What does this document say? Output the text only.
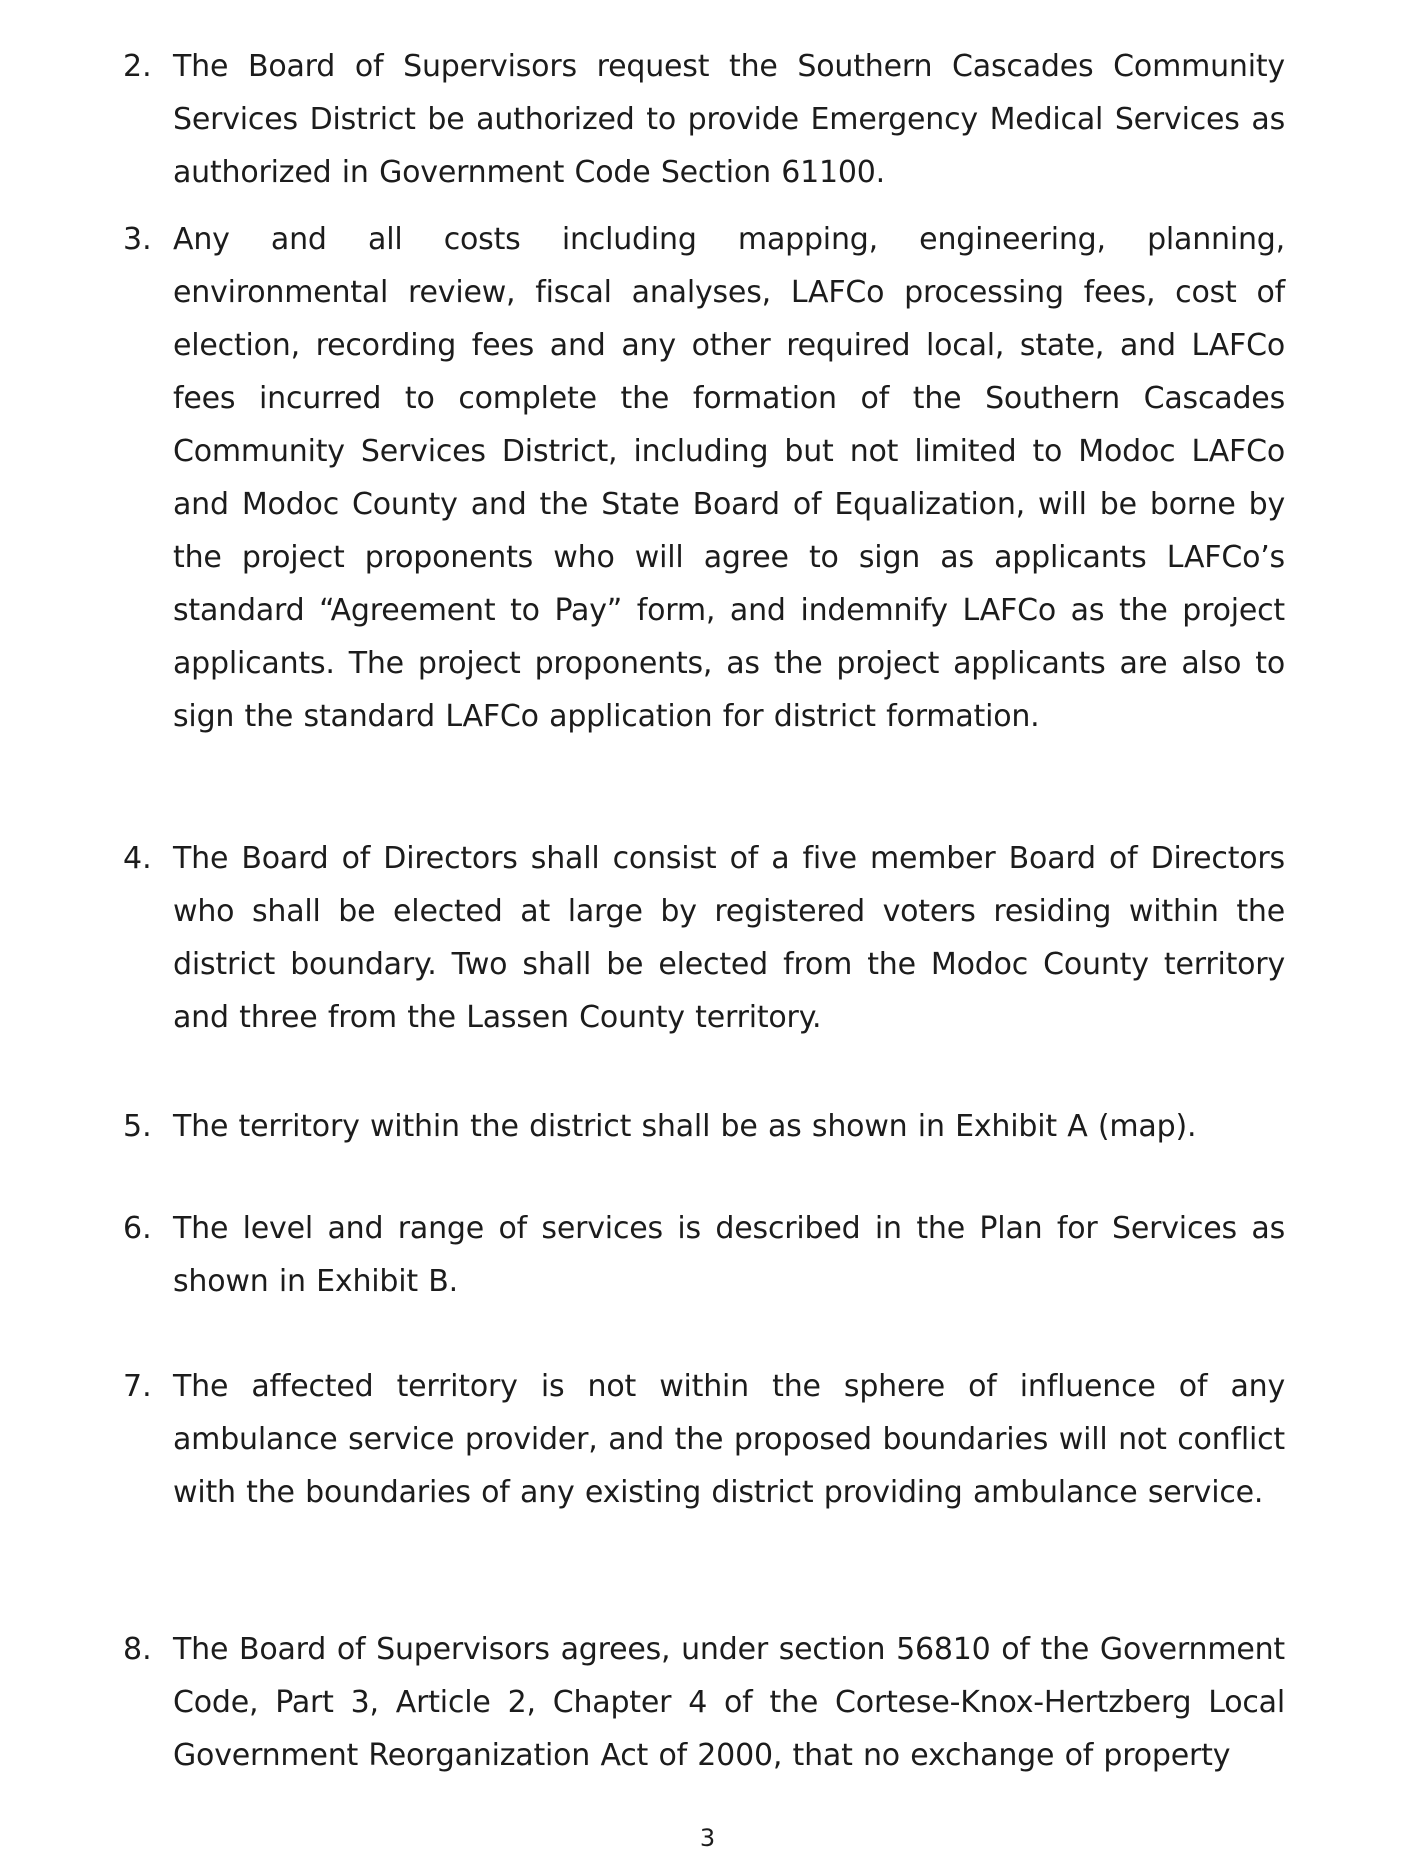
2. The Board of Supervisors request the Southern Cascades Community Services District be authorized to provide Emergency Medical Services as authorized in Government Code Section 61100.
3. Any and all costs including mapping, engineering, planning, environmental review, fiscal analyses, LAFCo processing fees, cost of election, recording fees and any other required local, state, and LAFCo fees incurred to complete the formation of the Southern Cascades Community Services District, including but not limited to Modoc LAFCo and Modoc County and the State Board of Equalization, will be borne by the project proponents who will agree to sign as applicants LAFCo’s standard “Agreement to Pay” form, and indemnify LAFCo as the project applicants. The project proponents, as the project applicants are also to sign the standard LAFCo application for district formation.
4. The Board of Directors shall consist of a five member Board of Directors who shall be elected at large by registered voters residing within the district boundary. Two shall be elected from the Modoc County territory and three from the Lassen County territory.
5. The territory within the district shall be as shown in Exhibit A (map).
6. The level and range of services is described in the Plan for Services as shown in Exhibit B.
7. The affected territory is not within the sphere of influence of any ambulance service provider, and the proposed boundaries will not conflict with the boundaries of any existing district providing ambulance service.
8. The Board of Supervisors agrees, under section 56810 of the Government Code, Part 3, Article 2, Chapter 4 of the Cortese-Knox-Hertzberg Local Government Reorganization Act of 2000, that no exchange of property
3
